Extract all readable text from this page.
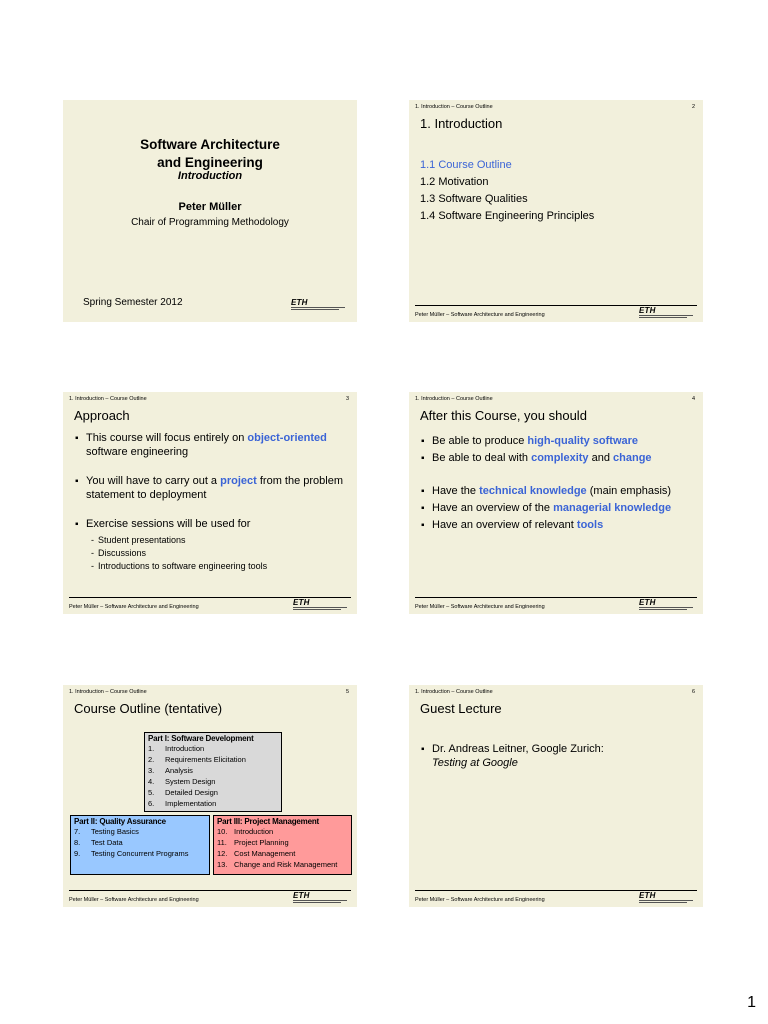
Software Architecture
and Engineering
Introduction
Peter Müller
Chair of Programming Methodology
Spring Semester 2012	ETH
1. Introduction – Course Outline	2
1. Introduction
1.1 Course Outline
1.2 Motivation
1.3 Software Qualities
1.4 Software Engineering Principles
Peter Müller – Software Architecture and Engineering	ETH
1. Introduction – Course Outline	3
Approach
▪ This course will focus entirely on object-oriented
software engineering
▪ You will have to carry out a project from the problem statement to deployment
▪ Exercise sessions will be used for
- Student presentations
- Discussions
- Introductions to software engineering tools
Peter Müller – Software Architecture and Engineering	ETH
1. Introduction – Course Outline	4
After this Course, you should
▪ Be able to produce high-quality software
▪ Be able to deal with complexity and change
▪ Have the technical knowledge (main emphasis)
▪ Have an overview of the managerial knowledge
▪ Have an overview of relevant tools
Peter Müller – Software Architecture and Engineering	ETH
1. Introduction – Course Outline	5
Course Outline (tentative)
Part I: Software Development
1.	Introduction
2.	Requirements Elicitation
3.	Analysis
4.	System Design
5.	Detailed Design
6.	Implementation
Part II: Quality Assurance
7.	Testing Basics
8.	Test Data
9.	Testing Concurrent Programs
Part III: Project Management
10. Introduction
11. Project Planning
12. Cost Management
13. Change and Risk Management
Peter Müller – Software Architecture and Engineering	ETH
1. Introduction – Course Outline	6
Guest Lecture
▪ Dr. Andreas Leitner, Google Zurich:
Testing at Google
Peter Müller – Software Architecture and Engineering	ETH
1
